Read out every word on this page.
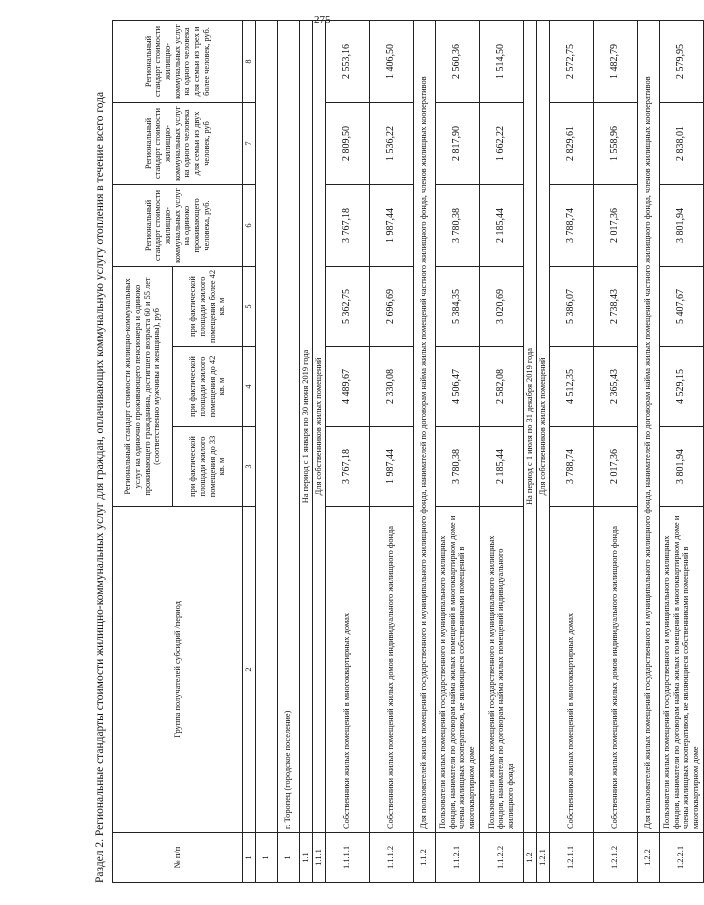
275
Раздел 2. Региональные стандарты стоимости жилищно-коммунальных услуг для граждан, оплачивающих коммунальную услугу отопления в течение всего года	№ п/п	Группа получателей субсидий /период	Региональный стандарт стоимости жилищно-коммунальных услуг на одиночно проживающего пенсионера и одиноко проживающего гражданина, достигшего возраста 60 и 55 лет (соответственно мужчины и женщины), руб			Региональный стандарт стоимости жилищно-коммунальных услуг на одиноко проживающего человека, руб.	Региональный стандарт стоимости жилищно-коммунальных услуг на одного человека для семьи из двух человек, руб	Региональный стандарт стоимости жилищно-коммунальных услуг на одного человека для семьи из трех и более человек, руб.
		при фактической площади жилого помещения до 33 кв. м	при фактической площади жилого помещения до 42 кв. м	при фактической площади жилого помещения более 42 кв. м			
1	2	3	4	5	6	7	8
1							
1	г. Торопец (городское поселение)						
1.1	На период с 1 января по 30 июня 2019 года						
1.1.1	Для собственников жилых помещений						
1.1.1.1	Собственники жилых помещений в многоквартирных домах	3 767,18	4 489,67	5 362,75	3 767,18	2 809,50	2 553,16
1.1.1.2	Собственники жилых помещений жилых домов индивидуального жилищного фонда	1 987,44	2 330,08	2 696,69	1 987,44	1 536,22	1 406,50
1.1.2	Для пользователей жилых помещений государственного и муниципального жилищного фонда, нанимателей по договорам найма жилых помещений частного жилищного фонда, членов жилищных кооперативов						
1.1.2.1	Пользователи жилых помещений государственного и муниципального жилищных фондов, наниматели по договорам найма жилых помещений в многоквартирном доме и члены жилищных кооперативов, не являющиеся собственниками помещений в многоквартирном доме	3 780,38	4 506,47	5 384,35	3 780,38	2 817,90	2 560,36
1.1.2.2	Пользователи жилых помещений государственного и муниципального жилищных фондов, наниматели по договорам найма жилых помещений индивидуального жилищного фонда	2 185,44	2 582,08	3 020,69	2 185,44	1 662,22	1 514,50
1.2	На период с 1 июля по 31 декабря 2019 года						
1.2.1	Для собственников жилых помещений						
1.2.1.1	Собственники жилых помещений в многоквартирных домах	3 788,74	4 512,35	5 386,07	3 788,74	2 829,61	2 572,75
1.2.1.2	Собственники жилых помещений жилых домов индивидуального жилищного фонда	2 017,36	2 365,43	2 738,43	2 017,36	1 558,96	1 482,79
1.2.2	Для пользователей жилых помещений государственного и муниципального жилищного фонда, нанимателей по договорам найма жилых помещений частного жилищного фонда, членов жилищных кооперативов						
1.2.2.1	Пользователи жилых помещений государственного и муниципального жилищных фондов, наниматели по договорам найма жилых помещений в многоквартирном доме и члены жилищных кооперативов, не являющиеся собственниками помещений в многоквартирном доме	3 801,94	4 529,15	5 407,67	3 801,94	2 838,01	2 579,95
